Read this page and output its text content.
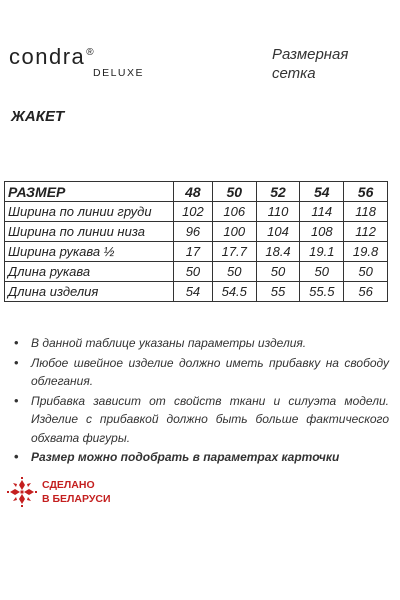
condra®
DELUXE
Размерная
сетка
ЖАКЕТ
РАЗМЕР	48	50	52	54	56
Ширина по линии груди	102	106	110	114	118
Ширина по линии низа	96	100	104	108	112
Ширина рукава ½	17	17.7	18.4	19.1	19.8
Длина рукава	50	50	50	50	50
Длина изделия	54	54.5	55	55.5	56
• В данной таблице указаны параметры изделия.
• Любое швейное изделие должно иметь прибавку на свободу облегания.
• Прибавка зависит от свойств ткани и силуэта модели. Изделие с прибавкой должно быть больше фактического обхвата фигуры.
• Размер можно подобрать в параметрах карточки
СДЕЛАНО
В БЕЛАРУСИ
